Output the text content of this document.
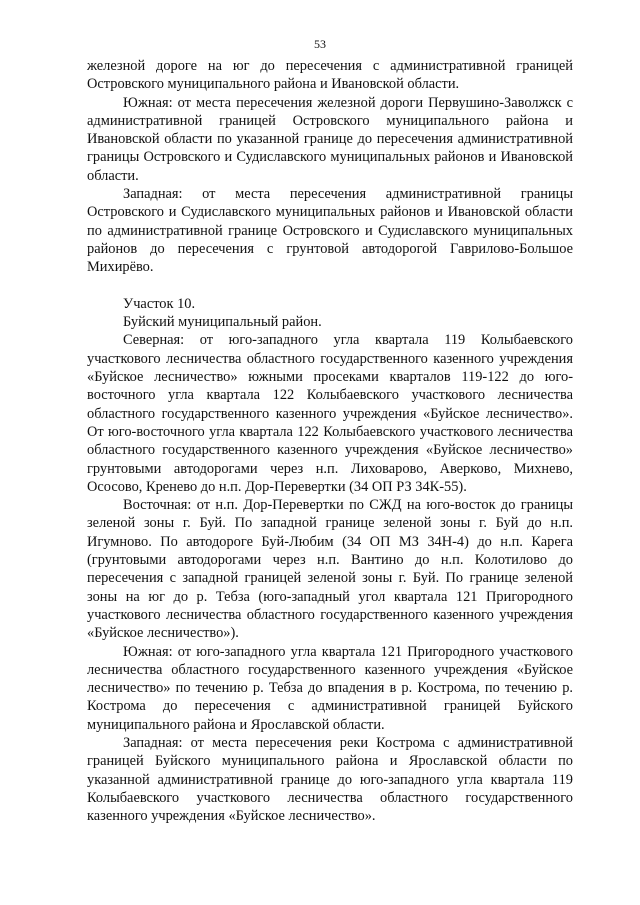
53

железной дороге на юг до пересечения с административной границей Островского муниципального района и Ивановской области.

Южная: от места пересечения железной дороги Первушино-Заволжск с административной границей Островского муниципального района и Ивановской области по указанной границе до пересечения административной границы Островского и Судиславского муниципальных районов и Ивановской области.

Западная: от места пересечения административной границы Островского и Судиславского муниципальных районов и Ивановской области по административной границе Островского и Судиславского муниципальных районов до пересечения с грунтовой автодорогой Гаврилово-Большое Михирёво.

Участок 10.

Буйский муниципальный район.

Северная: от юго-западного угла квартала 119 Колыбаевского участкового лесничества областного государственного казенного учреждения «Буйское лесничество» южными просеками кварталов 119-122 до юго-восточного угла квартала 122 Колыбаевского участкового лесничества областного государственного казенного учреждения «Буйское лесничество». От юго-восточного угла квартала 122 Колыбаевского участкового лесничества областного государственного казенного учреждения «Буйское лесничество» грунтовыми автодорогами через н.п. Лиховарово, Аверково, Михнево, Ососово, Кренево до н.п. Дор-Перевертки (34 ОП РЗ 34К-55).

Восточная: от н.п. Дор-Перевертки по СЖД на юго-восток до границы зеленой зоны г. Буй. По западной границе зеленой зоны г. Буй до н.п. Игумново. По автодороге Буй-Любим (34 ОП МЗ 34Н-4) до н.п. Карега (грунтовыми автодорогами через н.п. Вантино до н.п. Колотилово до пересечения с западной границей зеленой зоны г. Буй. По границе зеленой зоны на юг до р. Тебза (юго-западный угол квартала 121 Пригородного участкового лесничества областного государственного казенного учреждения «Буйское лесничество»).

Южная: от юго-западного угла квартала 121 Пригородного участкового лесничества областного государственного казенного учреждения «Буйское лесничество» по течению р. Тебза до впадения в р. Кострома, по течению р. Кострома до пересечения с административной границей Буйского муниципального района и Ярославской области.

Западная: от места пересечения реки Кострома с административной границей Буйского муниципального района и Ярославской области по указанной административной границе до юго-западного угла квартала 119 Колыбаевского участкового лесничества областного государственного казенного учреждения «Буйское лесничество».
